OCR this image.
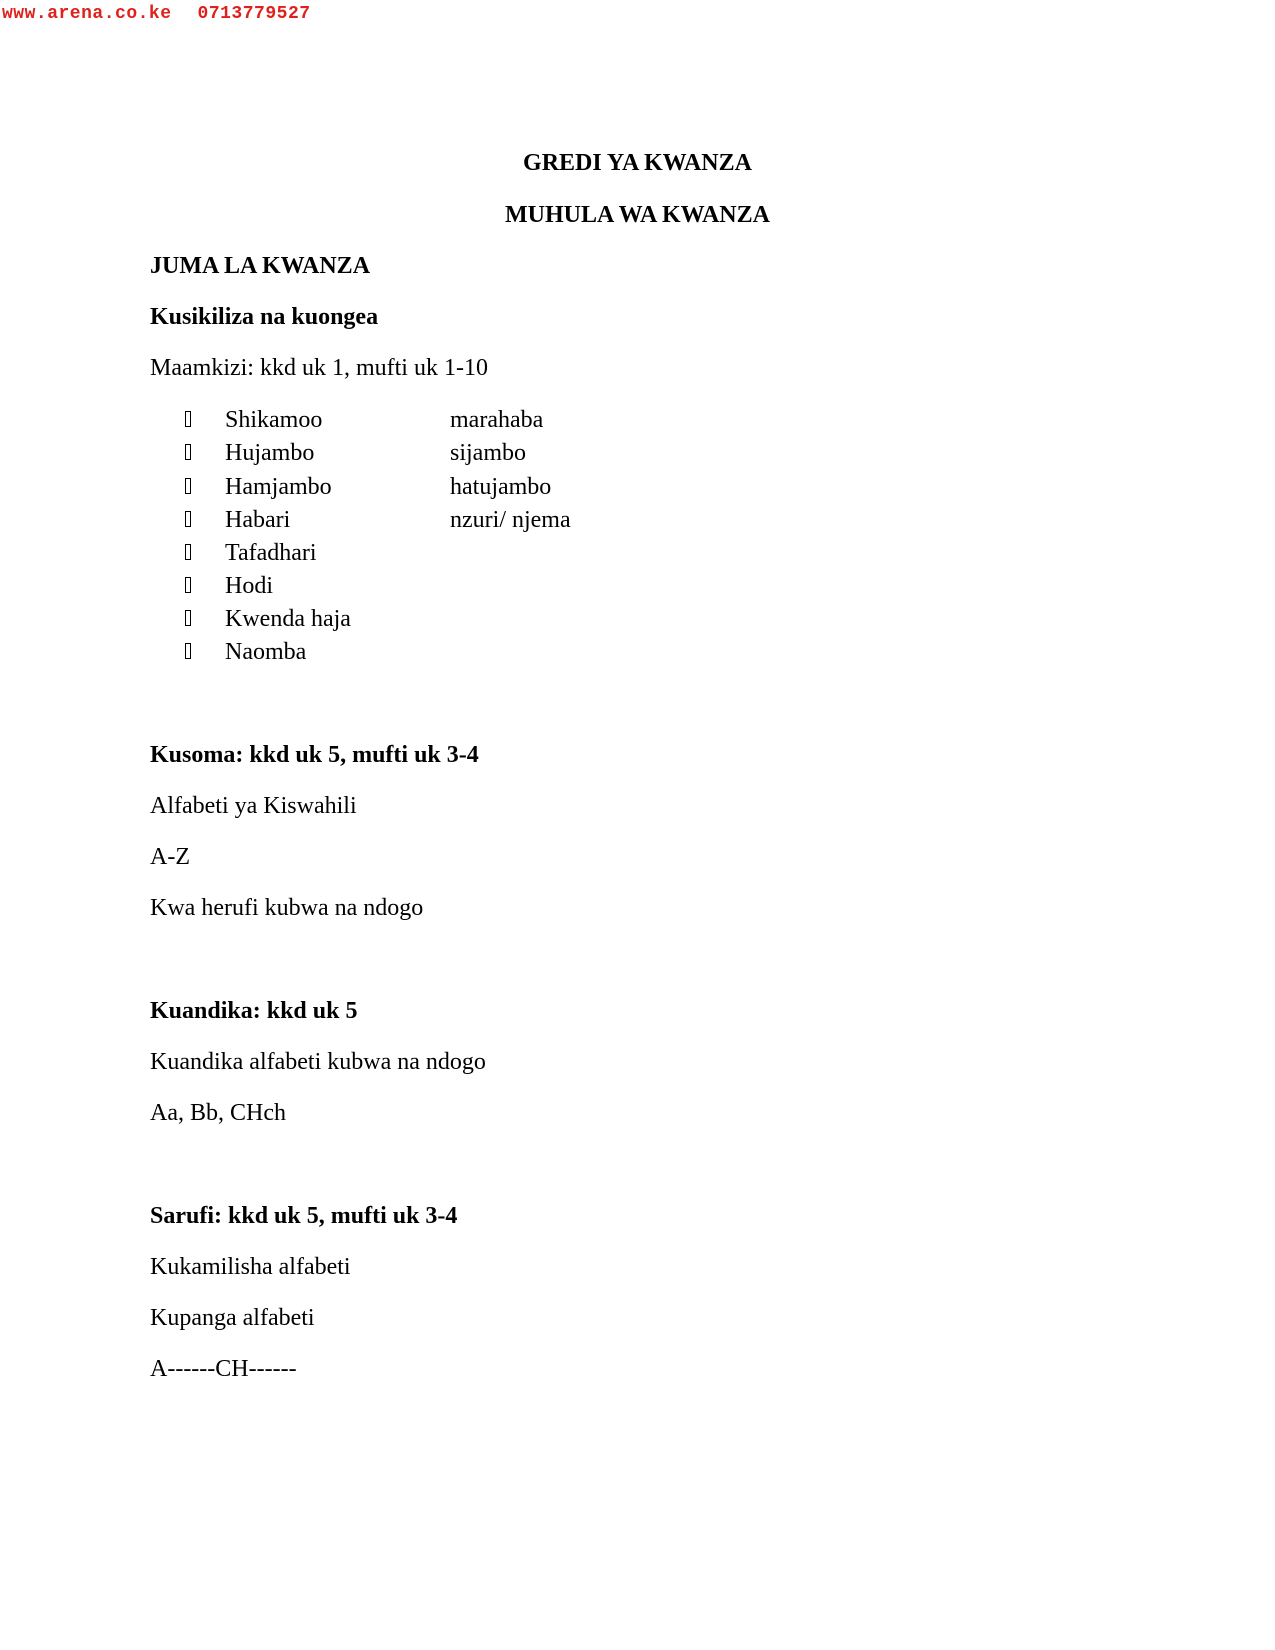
www.arena.co.ke 0713779527
GREDI YA KWANZA
MUHULA WA KWANZA
JUMA LA KWANZA
Kusikiliza na kuongea
Maamkizi: kkd uk 1, mufti uk 1-10
Shikamoo	marahaba
Hujambo	sijambo
Hamjambo	hatujambo
Habari	nzuri/ njema
Tafadhari
Hodi
Kwenda haja
Naomba
Kusoma: kkd uk 5, mufti uk 3-4
Alfabeti ya Kiswahili
A-Z
Kwa herufi kubwa na ndogo
Kuandika: kkd uk 5
Kuandika alfabeti kubwa na ndogo
Aa, Bb, CHch
Sarufi: kkd uk 5, mufti uk 3-4
Kukamilisha alfabeti
Kupanga alfabeti
A------CH------
